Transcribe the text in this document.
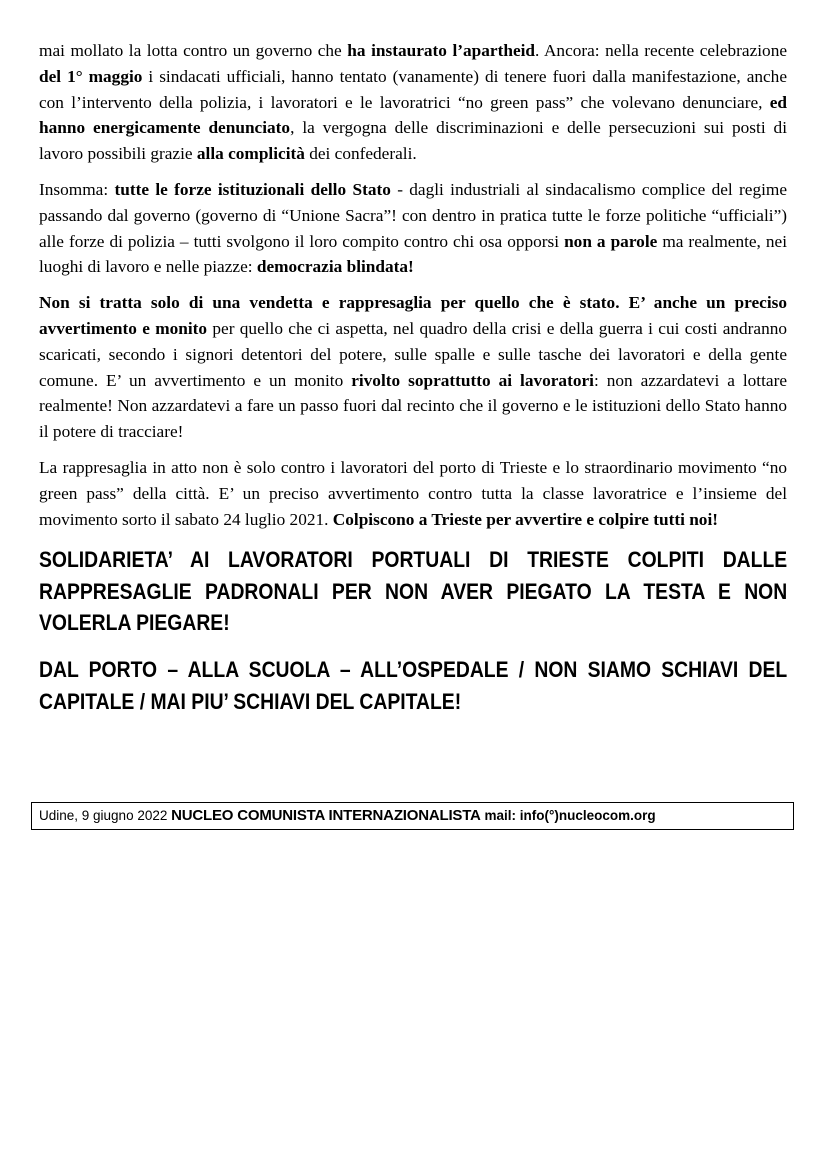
mai mollato la lotta contro un governo che ha instaurato l’apartheid. Ancora: nella recente celebrazione del 1° maggio i sindacati ufficiali, hanno tentato (vanamente) di tenere fuori dalla manifestazione, anche con l’intervento della polizia, i lavoratori e le lavoratrici “no green pass” che volevano denunciare, ed hanno energicamente denunciato, la vergogna delle discriminazioni e delle persecuzioni sui posti di lavoro possibili grazie alla complicità dei confederali.

Insomma: tutte le forze istituzionali dello Stato - dagli industriali al sindacalismo complice del regime passando dal governo (governo di “Unione Sacra”! con dentro in pratica tutte le forze politiche “ufficiali”) alle forze di polizia – tutti svolgono il loro compito contro chi osa opporsi non a parole ma realmente, nei luoghi di lavoro e nelle piazze: democrazia blindata!

Non si tratta solo di una vendetta e rappresaglia per quello che è stato. E’ anche un preciso avvertimento e monito per quello che ci aspetta, nel quadro della crisi e della guerra i cui costi andranno scaricati, secondo i signori detentori del potere, sulle spalle e sulle tasche dei lavoratori e della gente comune. E’ un avvertimento e un monito rivolto soprattutto ai lavoratori: non azzardatevi a lottare realmente! Non azzardatevi a fare un passo fuori dal recinto che il governo e le istituzioni dello Stato hanno il potere di tracciare!

La rappresaglia in atto non è solo contro i lavoratori del porto di Trieste e lo straordinario movimento “no green pass” della città. E’ un preciso avvertimento contro tutta la classe lavoratrice e l’insieme del movimento sorto il sabato 24 luglio 2021. Colpiscono a Trieste per avvertire e colpire tutti noi!

SOLIDARIETA’ AI LAVORATORI PORTUALI DI TRIESTE COLPITI DALLE RAPPRESAGLIE PADRONALI PER NON AVER PIEGATO LA TESTA E NON VOLERLA PIEGARE!
DAL PORTO – ALLA SCUOLA – ALL’OSPEDALE / NON SIAMO SCHIAVI DEL CAPITALE / MAI PIU’ SCHIAVI DEL CAPITALE!
Udine, 9 giugno 2022 NUCLEO COMUNISTA INTERNAZIONALISTA mail: info(°)nucleocom.org
